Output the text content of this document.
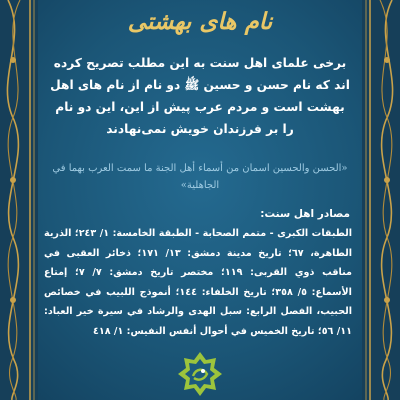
نام های بهشتی

برخی علمای اهل سنت به این مطلب تصریح کرده اند که نام حسن و حسین ﷺ دو نام از نام های اهل بهشت است و مردم عرب پیش از این، این دو نام را بر فرزندان خویش نمی‌نهادند

«الحسن والحسين اسمان من أسماء أهل الجنة ما سمت العرب بهما في الجاهلية»

مصادر اهل سنت:

الطبقات الكبرى - متمم الصحابة - الطبقة الخامسة: ١/ ٢٤٣؛ الذرية الطاهرة، ٦٧؛ تاريخ مدينة دمشق: ١٣/ ١٧١؛ ذخائر العقبى في مناقب ذوي القربى: ١١٩؛ مختصر تاريخ دمشق: ٧/ ٧؛ إمتاع الأسماع: ٥/ ٣٥٨؛ تاريخ الخلفاء: ١٤٤؛ أنموذج اللبيب في خصائص الحبيب، الفصل الرابع: سبل الهدى والرشاد في سيرة خير العباد: ١١/ ٥٦؛ تاريخ الخميس في أحوال أنفس النفيس: ١/ ٤١٨
